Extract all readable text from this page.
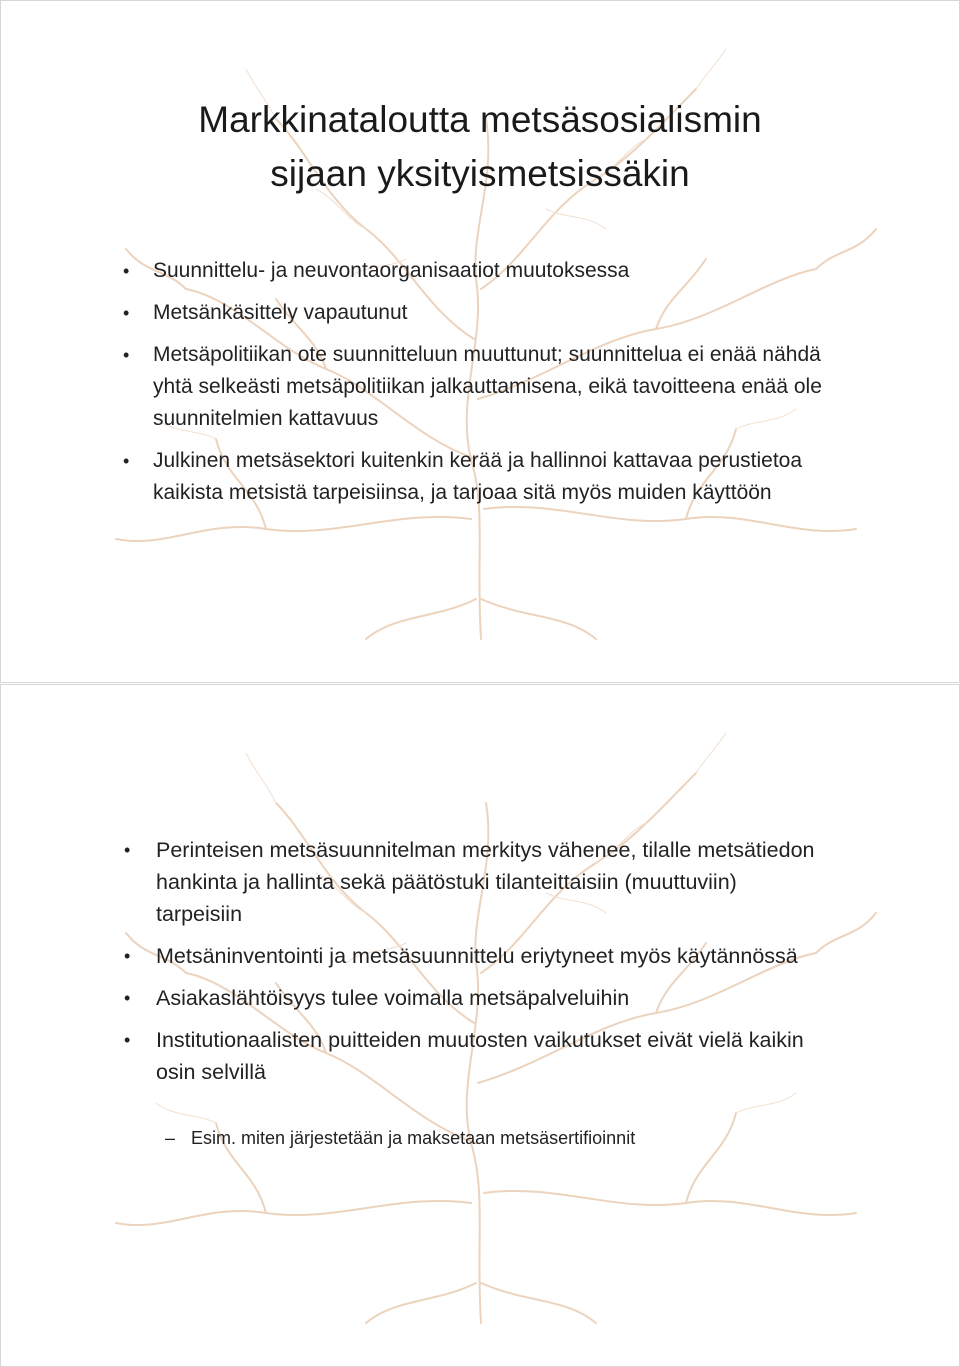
Markkinataloutta metsäsosialismin
sijaan yksityismetsissäkin
• Suunnittelu- ja neuvontaorganisaatiot muutoksessa
• Metsänkäsittely vapautunut
• Metsäpolitiikan ote suunnitteluun muuttunut; suunnittelua ei enää nähdä yhtä selkeästi metsäpolitiikan jalkauttamisena, eikä tavoitteena enää ole suunnitelmien kattavuus
• Julkinen metsäsektori kuitenkin kerää ja hallinnoi kattavaa perustietoa kaikista metsistä tarpeisiinsa, ja tarjoaa sitä myös muiden käyttöön
• Perinteisen metsäsuunnitelman merkitys vähenee, tilalle metsätiedon hankinta ja hallinta sekä päätöstuki tilanteittaisiin (muuttuviin) tarpeisiin
• Metsäninventointi ja metsäsuunnittelu eriytyneet myös käytännössä
• Asiakaslähtöisyys tulee voimalla metsäpalveluihin
• Institutionaalisten puitteiden muutosten vaikutukset eivät vielä kaikin osin selvillä
– Esim. miten järjestetään ja maksetaan metsäsertifioinnit
